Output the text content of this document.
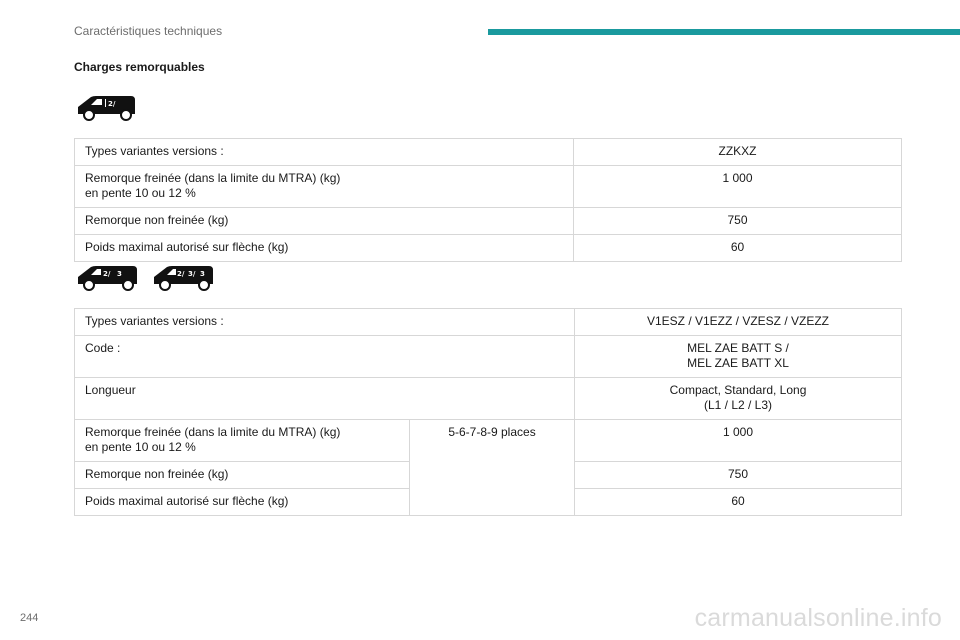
Caractéristiques techniques
Charges remorquables
2/
Types variantes versions :	ZZKXZ

Remorque freinée (dans la limite du MTRA) (kg)
en pente 10 ou 12 %	1 000
Remorque non freinée (kg)	750
Poids maximal autorisé sur flèche (kg)	60
2/ 3	2/ 3/ 3
Types variantes versions :		V1ESZ / V1EZZ / VZESZ / VZEZZ
Code :		MEL ZAE BATT S /
MEL ZAE BATT XL

Longueur		Compact, Standard, Long
(L1 / L2 / L3)

Remorque freinée (dans la limite du MTRA) (kg)
en pente 10 ou 12 %	5-6-7-8-9 places	1 000
Remorque non freinée (kg)		750
Poids maximal autorisé sur flèche (kg)		60
244	carmanualsonline.info
